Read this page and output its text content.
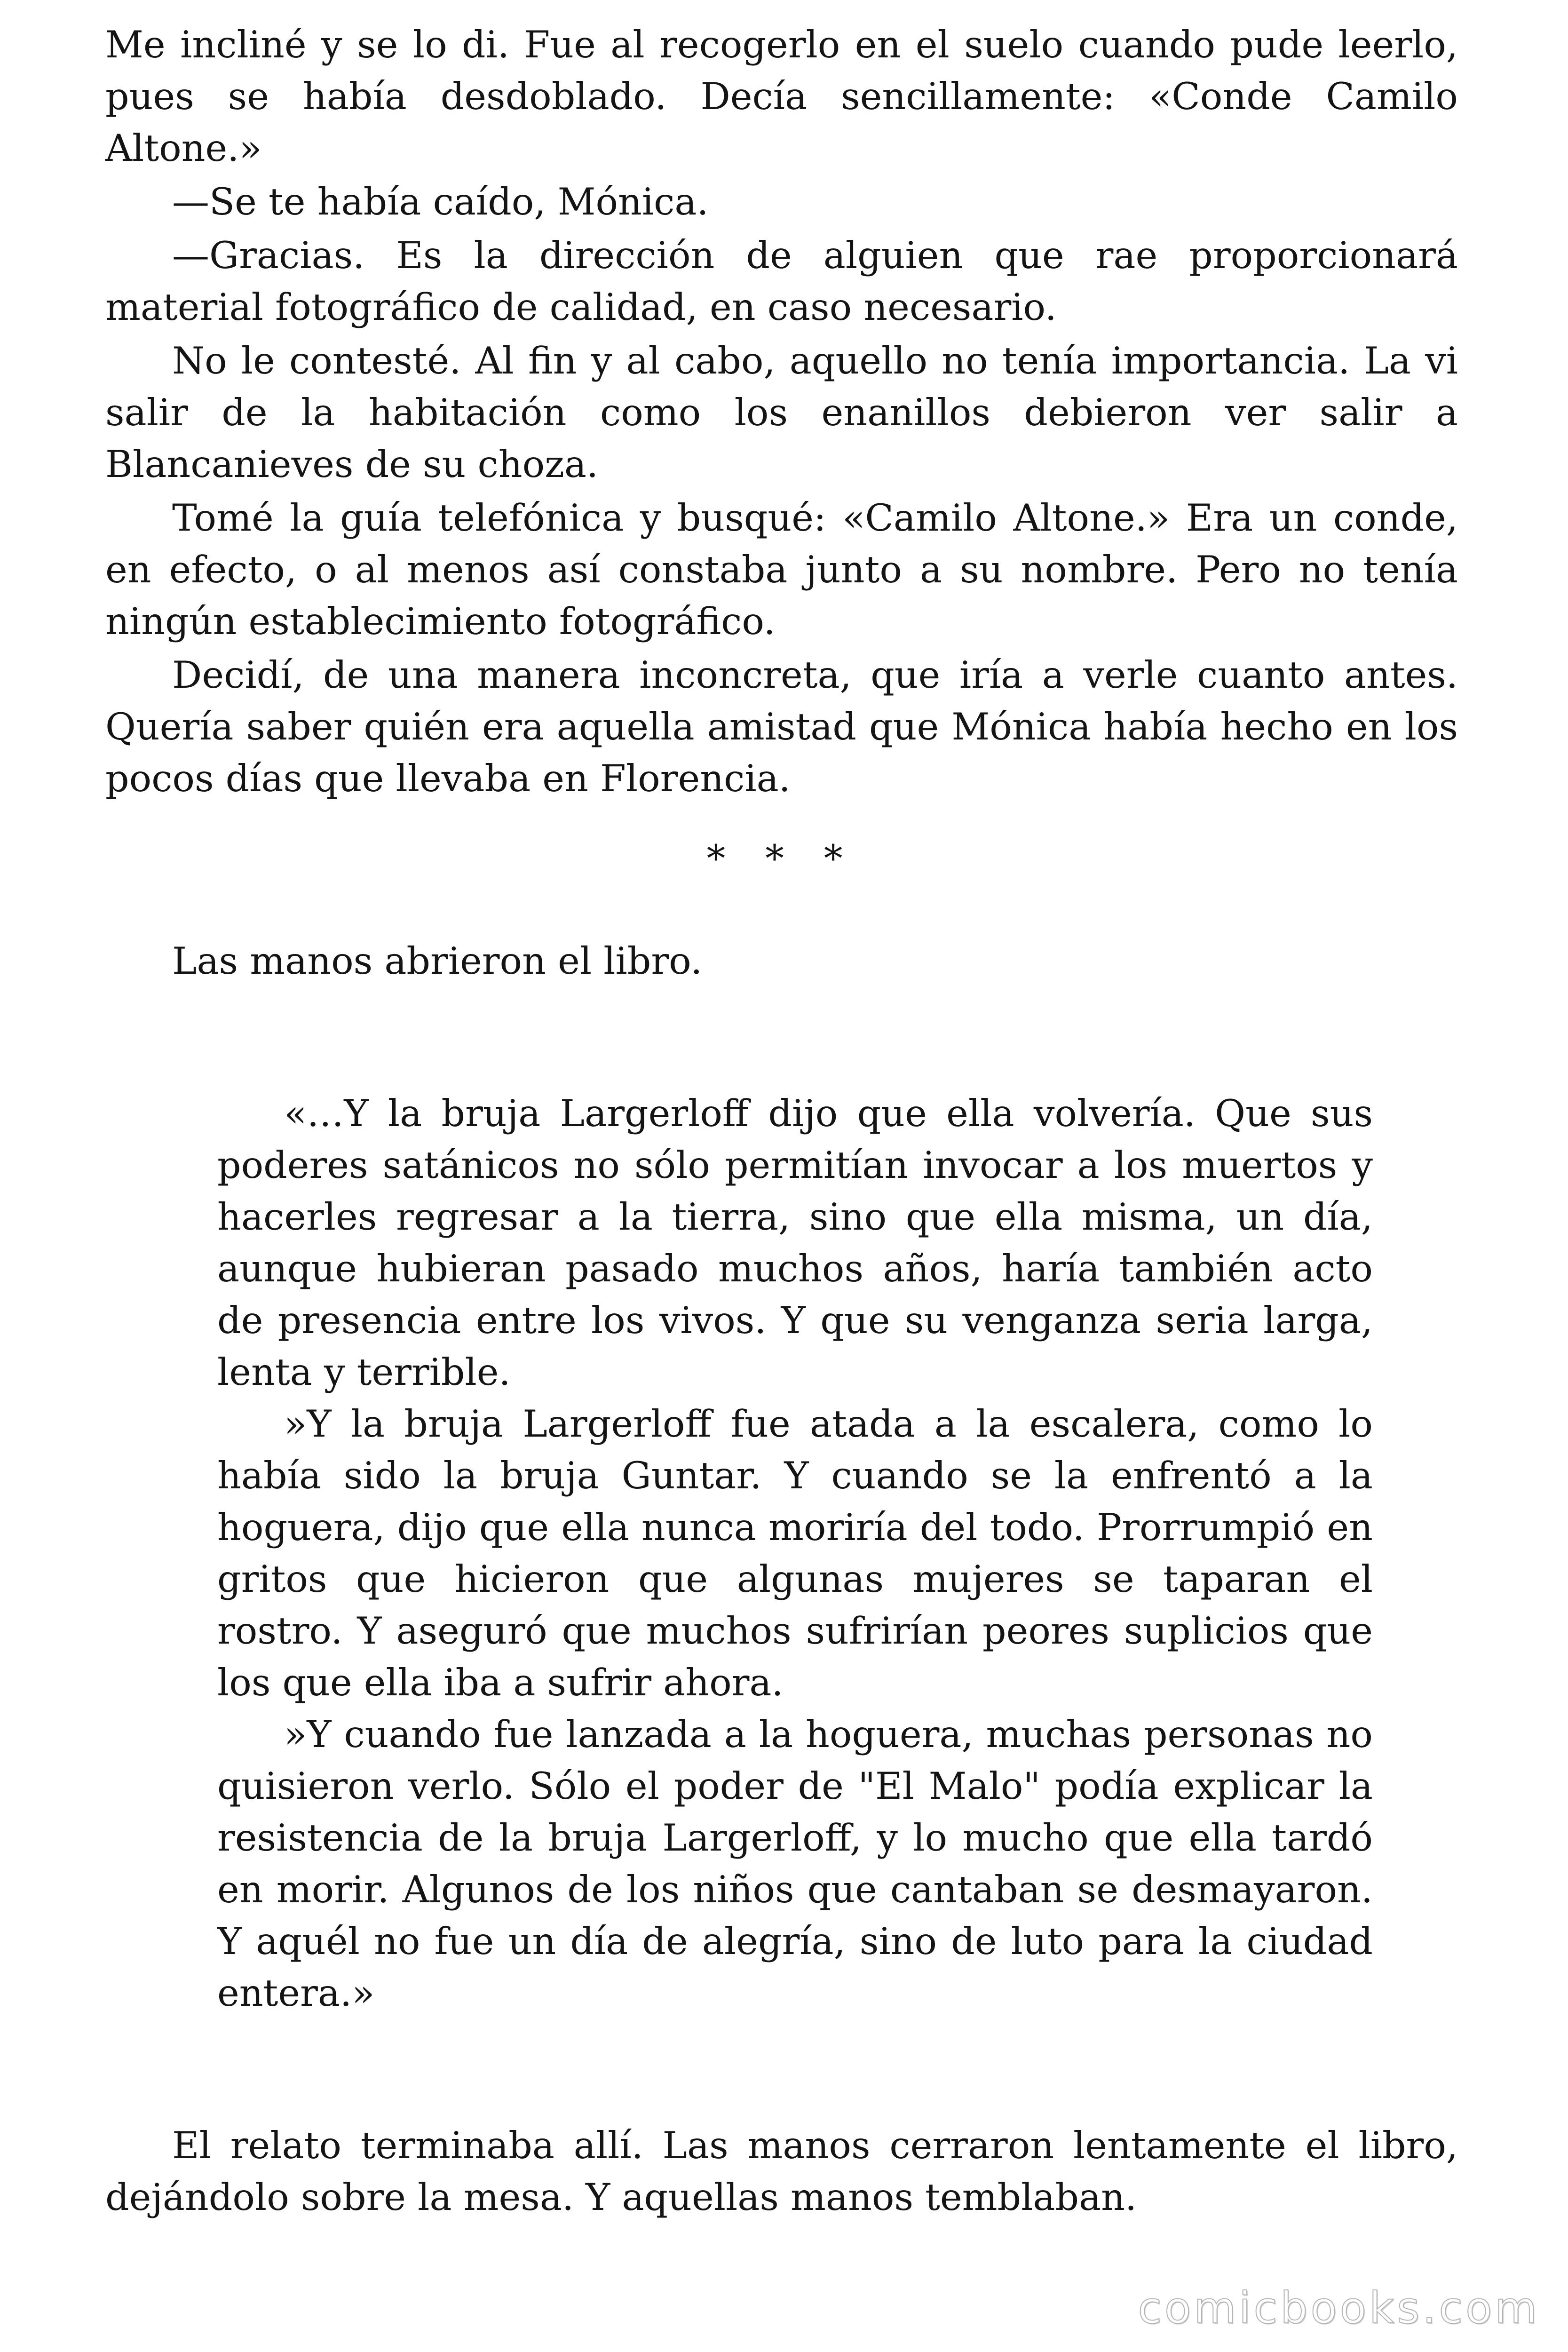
Me incliné y se lo di. Fue al recogerlo en el suelo cuando pude leerlo, pues se había desdoblado. Decía sencillamente: «Conde Camilo Altone.»

—Se te había caído, Mónica.

—Gracias. Es la dirección de alguien que rae proporcionará material fotográfico de calidad, en caso necesario.

No le contesté. Al fin y al cabo, aquello no tenía importancia. La vi salir de la habitación como los enanillos debieron ver salir a Blancanieves de su choza.

Tomé la guía telefónica y busqué: «Camilo Altone.» Era un conde, en efecto, o al menos así constaba junto a su nombre. Pero no tenía ningún establecimiento fotográfico.

Decidí, de una manera inconcreta, que iría a verle cuanto antes. Quería saber quién era aquella amistad que Mónica había hecho en los pocos días que llevaba en Florencia.

* * *

Las manos abrieron el libro.

«…Y la bruja Largerloff dijo que ella volvería. Que sus poderes satánicos no sólo permitían invocar a los muertos y hacerles regresar a la tierra, sino que ella misma, un día, aunque hubieran pasado muchos años, haría también acto de presencia entre los vivos. Y que su venganza seria larga, lenta y terrible.

»Y la bruja Largerloff fue atada a la escalera, como lo había sido la bruja Guntar. Y cuando se la enfrentó a la hoguera, dijo que ella nunca moriría del todo. Prorrumpió en gritos que hicieron que algunas mujeres se taparan el rostro. Y aseguró que muchos sufrirían peores suplicios que los que ella iba a sufrir ahora.

»Y cuando fue lanzada a la hoguera, muchas personas no quisieron verlo. Sólo el poder de "El Malo" podía explicar la resistencia de la bruja Largerloff, y lo mucho que ella tardó en morir. Algunos de los niños que cantaban se desmayaron. Y aquél no fue un día de alegría, sino de luto para la ciudad entera.»

El relato terminaba allí. Las manos cerraron lentamente el libro, dejándolo sobre la mesa. Y aquellas manos temblaban.

comicbooks.com
